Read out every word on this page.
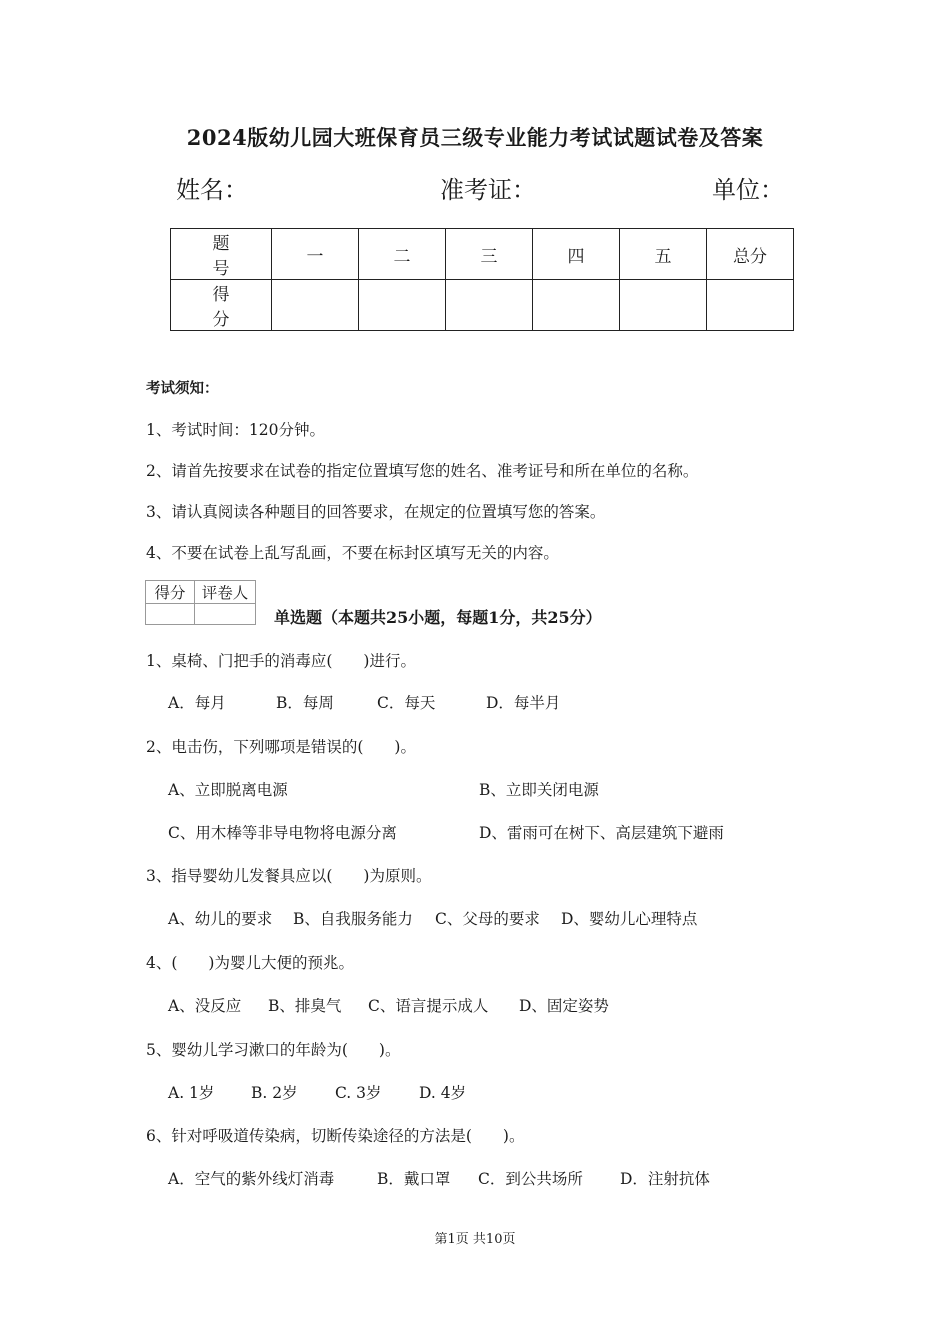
2024版幼儿园大班保育员三级专业能力考试试题试卷及答案
姓名：	准考证：	单位：
题　号	一	二	三	四	五	总分
得　分						
考试须知：
1、考试时间：120分钟。
2、请首先按要求在试卷的指定位置填写您的姓名、准考证号和所在单位的名称。
3、请认真阅读各种题目的回答要求，在规定的位置填写您的答案。
4、不要在试卷上乱写乱画，不要在标封区填写无关的内容。
得分	评卷人

单选题（本题共25小题，每题1分，共25分）
1、桌椅、门把手的消毒应(　　)进行。
A．每月	B．每周	C．每天	D．每半月
2、电击伤，下列哪项是错误的(　　)。
A、立即脱离电源	B、立即关闭电源
C、用木棒等非导电物将电源分离	D、雷雨可在树下、高层建筑下避雨
3、指导婴幼儿发餐具应以(　　)为原则。
A、幼儿的要求 B、自我服务能力 C、父母的要求 D、婴幼儿心理特点
4、(　　)为婴儿大便的预兆。
A、没反应 B、排臭气 C、语言提示成人 D、固定姿势
5、婴幼儿学习漱口的年龄为(　　)。
A. 1岁 B. 2岁 C. 3岁 D. 4岁
6、针对呼吸道传染病，切断传染途径的方法是(　　)。
A．空气的紫外线灯消毒	B．戴口罩 C．到公共场所 D．注射抗体
第1页 共10页
